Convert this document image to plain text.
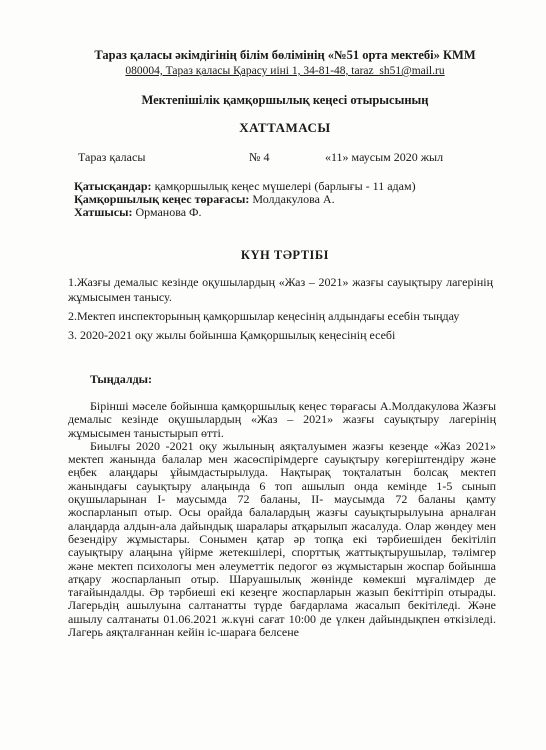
Тараз қаласы әкімдігінің білім бөлімінің «№51 орта мектебі» КММ
080004, Тараз қаласы Қарасу иіні 1, 34-81-48, taraz_sh51@mail.ru
Мектепішілік қамқоршылық кеңесі отырысының
ХАТТАМАСЫ
Тараз қаласы	№ 4	«11» маусым 2020 жыл
Қатысқандар: қамқоршылық кеңес мүшелері (барлығы - 11 адам)
Қамқоршылық кеңес төрағасы: Молдакулова А.
Хатшысы: Орманова Ф.
КҮН ТӘРТІБІ
1.Жазғы демалыс кезінде оқушылардың «Жаз – 2021» жазғы сауықтыру лагерінің жұмысымен танысу.
2.Мектеп инспекторының қамқоршылар кеңесінің алдындағы есебін тыңдау
3. 2020-2021 оқу жылы бойынша Қамқоршылық кеңесінің есебі
Тыңдалды:

Бірінші мәселе бойынша қамқоршылық кеңес төрағасы А.Молдакулова Жазғы демалыс кезінде оқушылардың «Жаз – 2021» жазғы сауықтыру лагерінің жұмысымен таныстырып өтті.

Биылғы 2020 -2021 оқу жылының аяқталуымен жазғы кезеңде «Жаз 2021» мектеп жанында балалар мен жасөспірімдерге сауықтыру көгеріштендіру және еңбек алаңдары ұйымдастырылуда. Нақтырақ тоқталатын болсақ мектеп жанындағы сауықтыру алаңында 6 топ ашылып онда кемінде 1-5 сынып оқушыларынан І- маусымда 72 баланы, ІІ- маусымда 72 баланы қамту жоспарланып отыр. Осы орайда балалардың жазғы сауықтырылуына арналған алаңдарда алдын-ала дайындық шаралары атқарылып жасалуда. Олар жөндеу мен безендіру жұмыстары. Сонымен қатар әр топқа екі тәрбиешіден бекітіліп сауықтыру алаңына үйірме жетекшілері, спорттық жаттықтырушылар, тәлімгер және мектеп психологы мен әлеуметтік педогог өз жұмыстарын жоспар бойынша атқару жоспарланып отыр. Шаруашылық жөнінде көмекші мұғалімдер де тағайындалды. Әр тәрбиеші екі кезеңге жоспарларын жазып бекіттіріп отырады. Лагерьдің ашылуына салтанатты түрде бағдарлама жасалып бекітіледі. Және ашылу салтанаты 01.06.2021 ж.күні сағат 10:00 де үлкен дайындықпен өткізіледі. Лагерь аяқталғаннан кейін іс-шараға белсене
